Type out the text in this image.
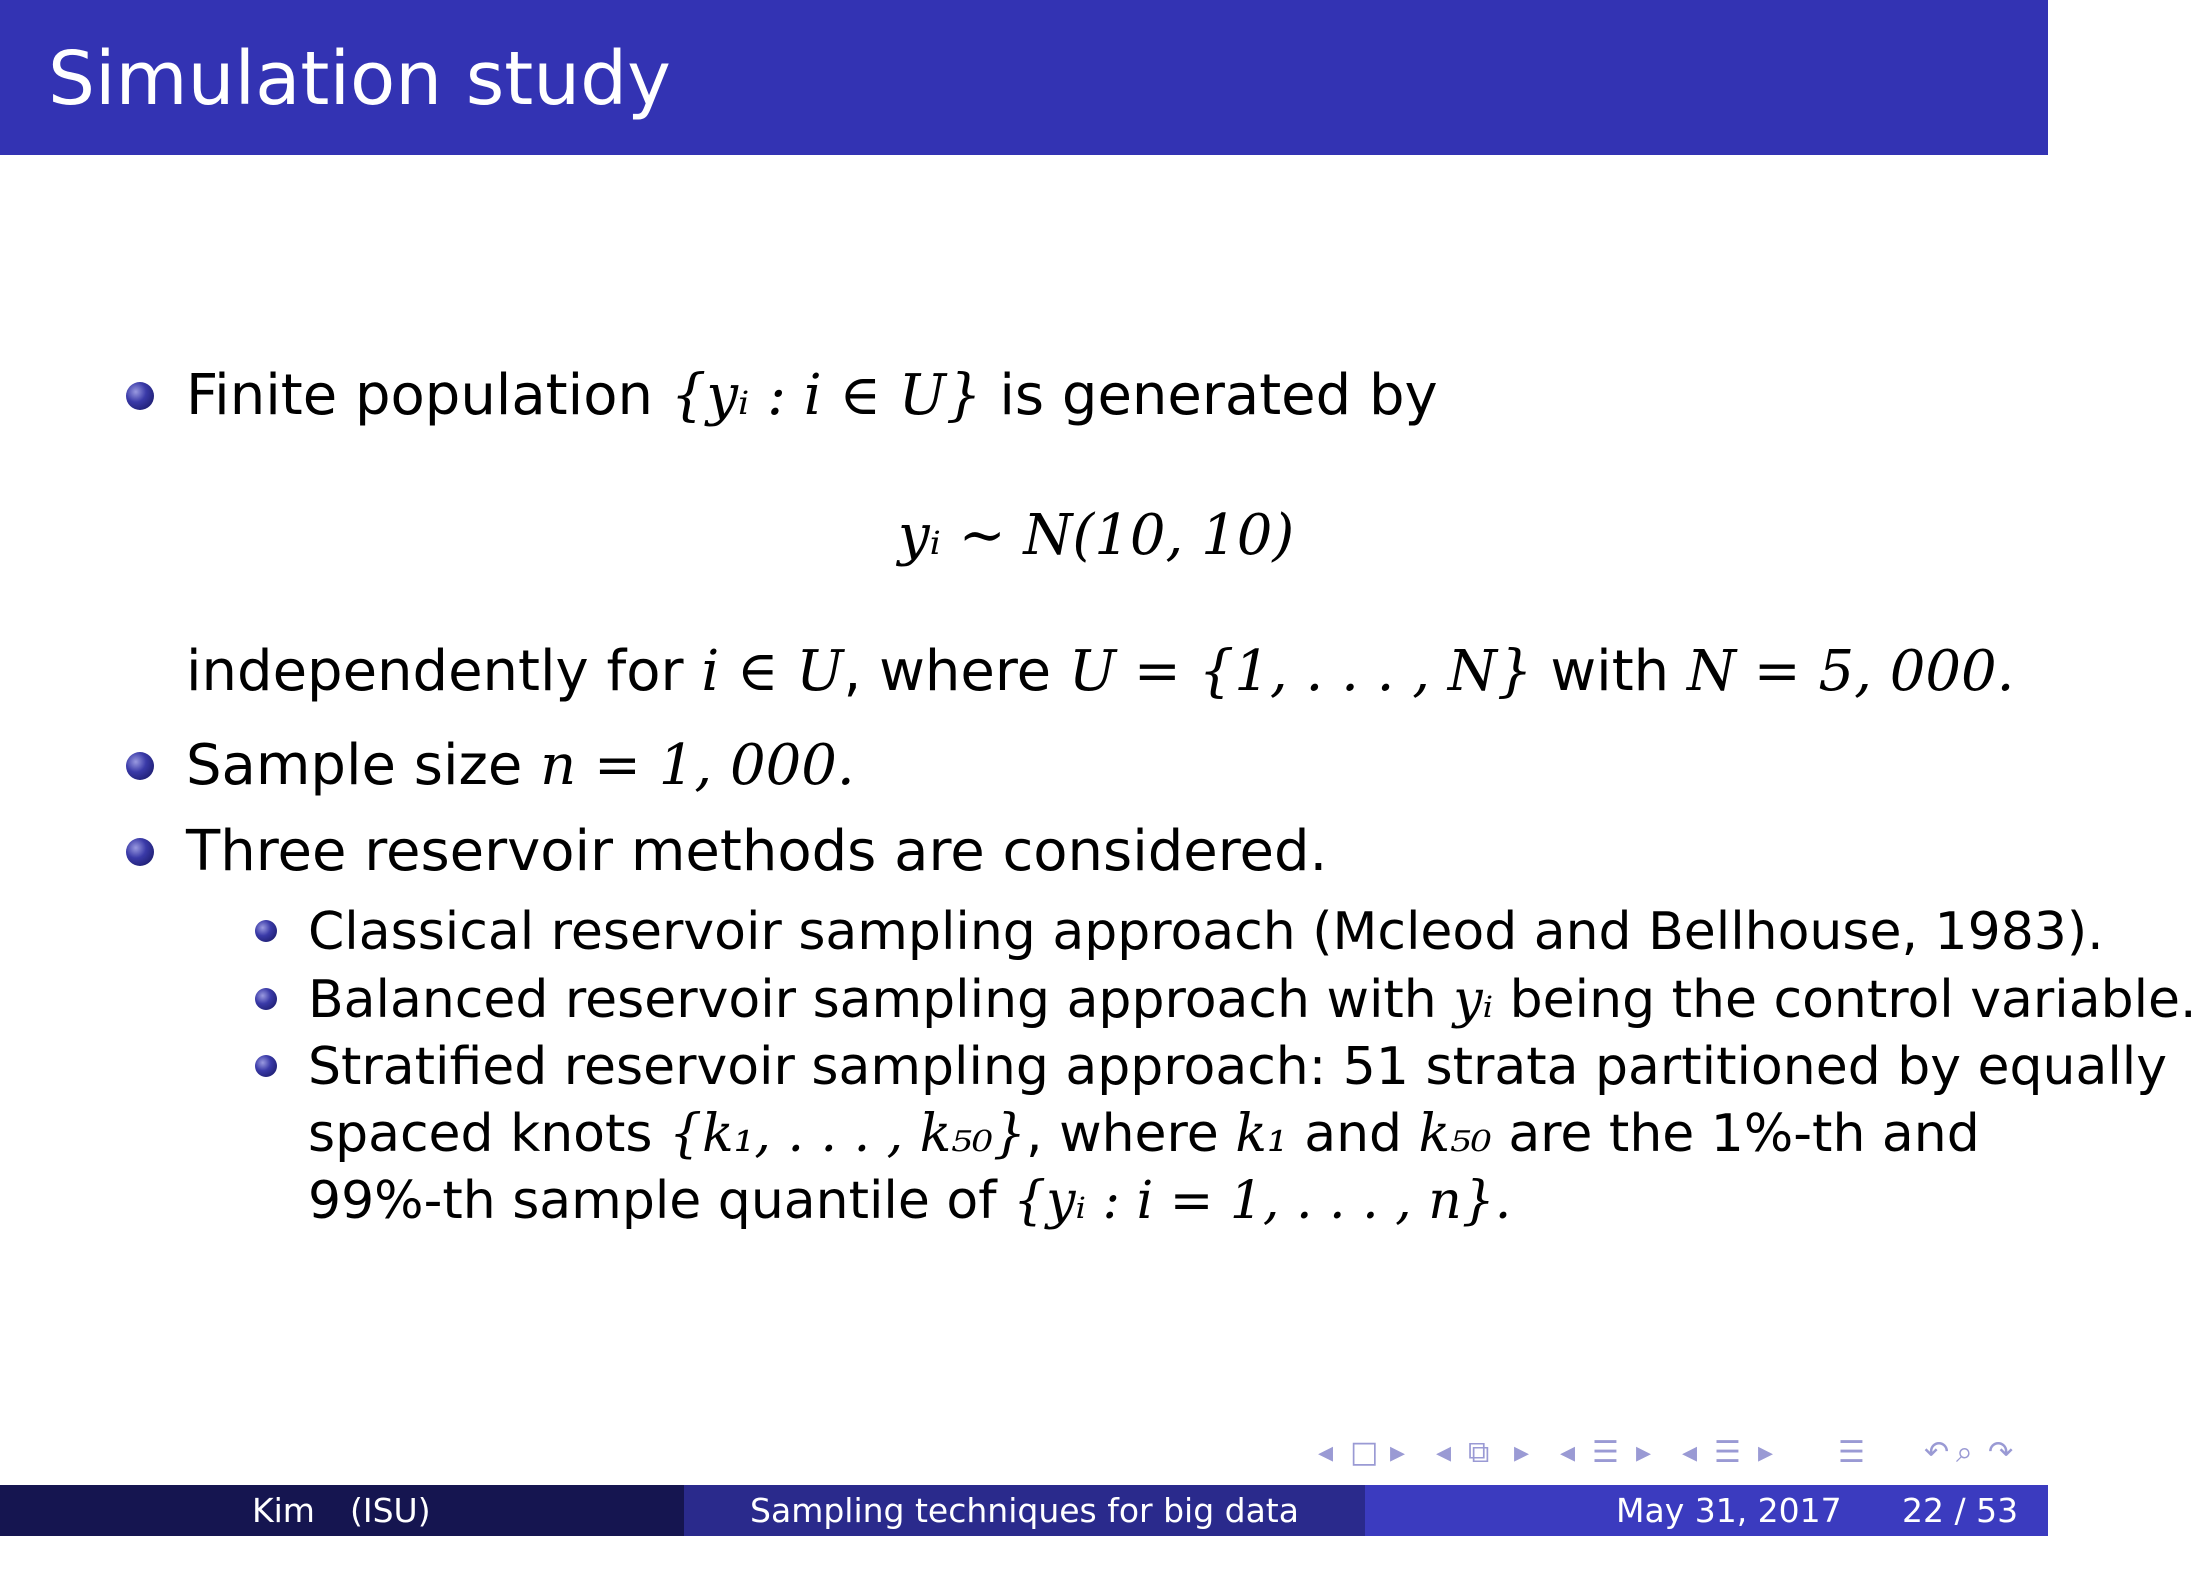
Simulation study
Finite population {yᵢ : i ∈ U} is generated by
yᵢ ∼ N(10, 10)
independently for i ∈ U, where U = {1, . . . , N} with N = 5, 000.
Sample size n = 1, 000.
Three reservoir methods are considered.
Classical reservoir sampling approach (Mcleod and Bellhouse, 1983).
Balanced reservoir sampling approach with yᵢ being the control variable.
Stratified reservoir sampling approach: 51 strata partitioned by equally
spaced knots {k₁, . . . , k₅₀}, where k₁ and k₅₀ are the 1%-th and
99%-th sample quantile of {yᵢ : i = 1, . . . , n}.
◂ □ ▸ ◂ ⧉ ▸ ◂ ☰ ▸ ◂ ☰ ▸ ☰ ↶ ⌕ ↷
Kim (ISU)	Sampling techniques for big data analysis
May 31, 2017 22 / 53
